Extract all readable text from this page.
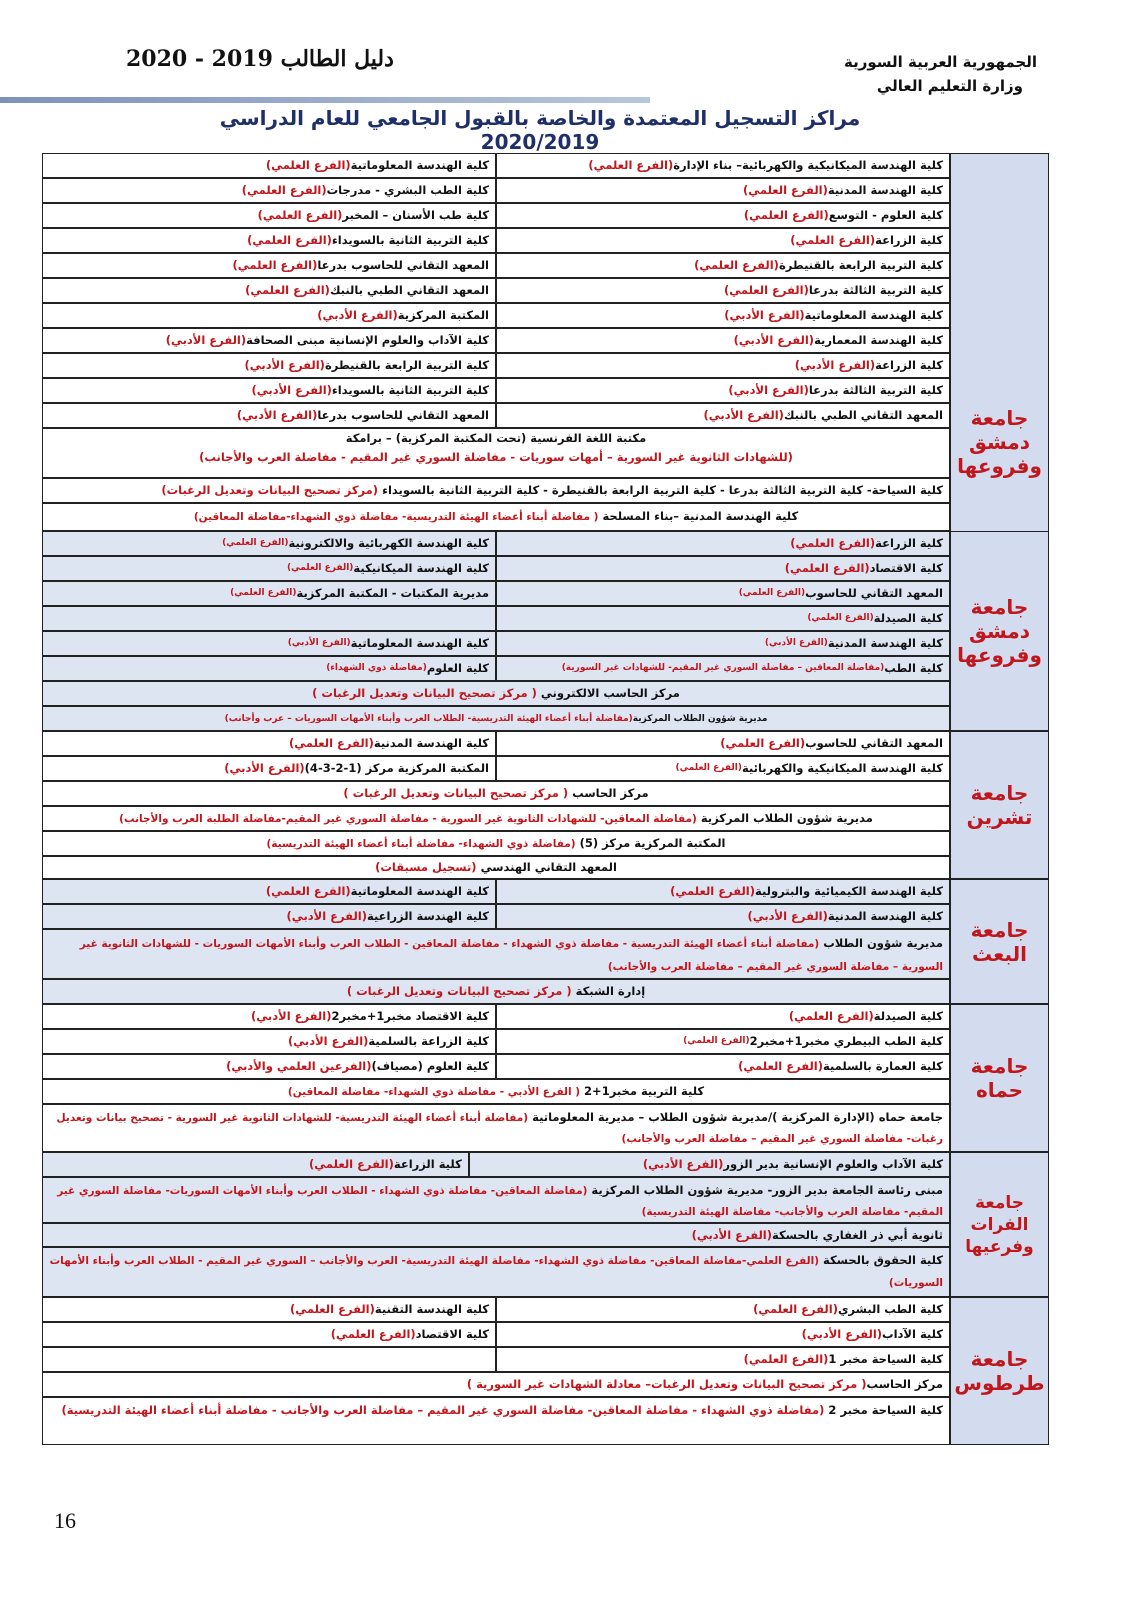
الجمهورية العربية السورية
وزارة التعليم العالي
دليل الطالب 2020 - 2019
مراكز التسجيل المعتمدة والخاصة بالقبول الجامعي للعام الدراسي 2020/2019
جامعة
دمشق
وفروعها
جامعة
دمشق
وفروعها
جامعة
تشرين
جامعة
البعث
جامعة
حماه
جامعة
الفرات
وفرعيها
جامعة
طرطوس
كلية الهندسة الميكانيكية والكهربائية– بناء الإدارة
(الفرع العلمي)
كلية الهندسة المعلوماتية
(الفرع العلمي)
كلية الهندسة المدنية
(الفرع العلمي)
كلية الطب البشري - مدرجات
(الفرع العلمي)
كلية العلوم - التوسع
(الفرع العلمي)
كلية طب الأسنان – المخبر
(الفرع العلمي)
كلية الزراعة
(الفرع العلمي)
كلية التربية الثانية بالسويداء
(الفرع العلمي)
كلية التربية الرابعة بالقنيطرة
(الفرع العلمي)
المعهد التقاني للحاسوب بدرعا
(الفرع العلمي)
كلية التربية الثالثة بدرعا
(الفرع العلمي)
المعهد التقاني الطبي بالنبك
(الفرع العلمي)
كلية الهندسة المعلوماتية
(الفرع الأدبي)
المكتبة المركزية
(الفرع الأدبي)
كلية الهندسة المعمارية
(الفرع الأدبي)
كلية الآداب والعلوم الإنسانية مبنى الصحافة
(الفرع الأدبي)
كلية الزراعة
(الفرع الأدبي)
كلية التربية الرابعة بالقنيطرة
(الفرع الأدبي)
كلية التربية الثالثة بدرعا
(الفرع الأدبي)
كلية التربية الثانية بالسويداء
(الفرع الأدبي)
المعهد التقاني الطبي بالنبك
(الفرع الأدبي)
المعهد التقاني للحاسوب بدرعا
(الفرع الأدبي)
مكتبة اللغة الفرنسية (تحت المكتبة المركزية) – برامكة
(للشهادات الثانوية غير السورية – أمهات سوريات - مفاضلة السوري غير المقيم - مفاضلة العرب والأجانب)
كلية السياحة- كلية التربية الثالثة بدرعا - كلية التربية الرابعة بالقنيطرة - كلية التربية الثانية بالسويداء (مركز تصحيح البيانات وتعديل الرغبات)
كلية الهندسة المدنية –بناء المسلحة ( مفاضلة أبناء أعضاء الهيئة التدريسية- مفاضلة ذوي الشهداء-مفاضلة المعاقين)
كلية الزراعة
(الفرع العلمي)
كلية الهندسة الكهربائية والالكترونية
(الفرع العلمي)
كلية الاقتصاد
(الفرع العلمي)
كلية الهندسة الميكانيكية
(الفرع العلمي)
المعهد التقاني للحاسوب
(الفرع العلمي)
مديرية المكتبات - المكتبة المركزية
(الفرع العلمي)
كلية الصيدلة
(الفرع العلمي)
كلية الهندسة المدنية
(الفرع الأدبي)
كلية الهندسة المعلوماتية
(الفرع الأدبي)
كلية الطب
(مفاضلة المعاقين – مفاضلة السوري غير المقيم- للشهادات غير السورية)
كلية العلوم
(مفاضلة ذوي الشهداء)
مركز الحاسب الالكتروني ( مركز تصحيح البيانات وتعديل الرغبات )
مديرية شؤون الطلاب المركزية(مفاضلة أبناء أعضاء الهيئة التدريسية- الطلاب العرب وأبناء الأمهات السوريات – عرب وأجانب)
المعهد التقاني للحاسوب
(الفرع العلمي)
كلية الهندسة المدنية
(الفرع العلمي)
كلية الهندسة الميكانيكية والكهربائية
(الفرع العلمي)
المكتبة المركزية مركز (1-2-3-4)
(الفرع الأدبي)
مركز الحاسب ( مركز تصحيح البيانات وتعديل الرغبات )
مديرية شؤون الطلاب المركزية (مفاضلة المعاقين- للشهادات الثانوية غير السورية - مفاضلة السوري غير المقيم-مفاضلة الطلبة العرب والأجانب)
المكتبة المركزية مركز (5) (مفاضلة ذوي الشهداء- مفاضلة أبناء أعضاء الهيئة التدريسية)
المعهد التقاني الهندسي (تسجيل مسبقات)
كلية الهندسة الكيميائية والبترولية
(الفرع العلمي)
كلية الهندسة المعلوماتية
(الفرع العلمي)
كلية الهندسة المدنية
(الفرع الأدبي)
كلية الهندسة الزراعية
(الفرع الأدبي)
مديرية شؤون الطلاب (مفاضلة أبناء أعضاء الهيئة التدريسية - مفاضلة ذوي الشهداء - مفاضلة المعاقين - الطلاب العرب وأبناء الأمهات السوريات - للشهادات الثانوية غير السورية – مفاضلة السوري غير المقيم – مفاضلة العرب والأجانب)
إدارة الشبكة ( مركز تصحيح البيانات وتعديل الرغبات )
كلية الصيدلة
(الفرع العلمي)
كلية الاقتصاد مخبر1+مخبر2
(الفرع الأدبي)
كلية الطب البيطري مخبر1+مخبر2
(الفرع العلمي)
كلية الزراعة بالسلمية
(الفرع الأدبي)
كلية العمارة بالسلمية
(الفرع العلمي)
كلية العلوم (مصياف)
(الفرعين العلمي والأدبي)
كلية التربية مخبر1+2 ( الفرع الأدبي - مفاضلة ذوي الشهداء- مفاضلة المعاقين)
جامعة حماه (الإدارة المركزية )/مديرية شؤون الطلاب – مديرية المعلوماتية (مفاضلة أبناء أعضاء الهيئة التدريسية- للشهادات الثانوية غير السورية - تصحيح بيانات وتعديل رغبات- مفاضلة السوري غير المقيم – مفاضلة العرب والأجانب)
كلية الآداب والعلوم الإنسانية بدير الزور
(الفرع الأدبي)
كلية الزراعة
(الفرع العلمي)
مبنى رئاسة الجامعة بدير الزور- مديرية شؤون الطلاب المركزية (مفاضلة المعاقين- مفاضلة ذوي الشهداء - الطلاب العرب وأبناء الأمهات السوريات- مفاضلة السوري غير المقيم- مفاضلة العرب والأجانب- مفاضلة الهيئة التدريسية)
ثانوية أبي ذر الغفاري بالحسكة
(الفرع الأدبي)
كلية الحقوق بالحسكة (الفرع العلمي-مفاضلة المعاقين- مفاضلة ذوي الشهداء- مفاضلة الهيئة التدريسية- العرب والأجانب – السوري غير المقيم - الطلاب العرب وأبناء الأمهات السوريات)
كلية الطب البشري
(الفرع العلمي)
كلية الهندسة التقنية
(الفرع العلمي)
كلية الآداب
(الفرع الأدبي)
كلية الاقتصاد
(الفرع العلمي)
كلية السياحة مخبر 1
(الفرع العلمي)
مركز الحاسب
( مركز تصحيح البيانات وتعديل الرغبات– معادلة الشهادات غير السورية )
كلية السياحة مخبر 2 (مفاضلة ذوي الشهداء - مفاضلة المعاقين- مفاضلة السوري غير المقيم – مفاضلة العرب والأجانب - مفاضلة أبناء أعضاء الهيئة التدريسية)
16
